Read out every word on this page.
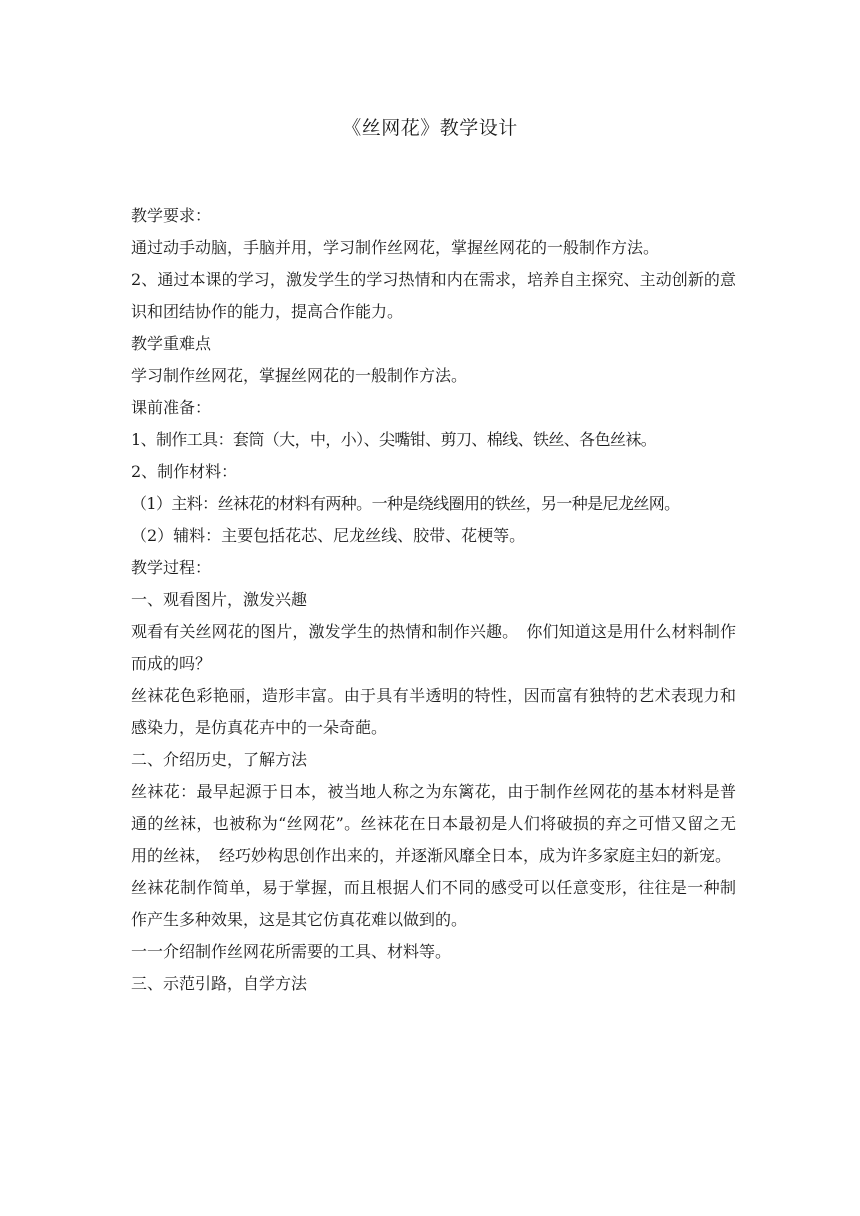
《丝网花》教学设计

教学要求：

通过动手动脑，手脑并用，学习制作丝网花，掌握丝网花的一般制作方法。

2、通过本课的学习，激发学生的学习热情和内在需求，培养自主探究、主动创新的意识和团结协作的能力，提高合作能力。

教学重难点

学习制作丝网花，掌握丝网花的一般制作方法。

课前准备：

1、制作工具：套筒（大，中，小）、尖嘴钳、剪刀、棉线、铁丝、各色丝袜。

2、制作材料：

（1）主料：丝袜花的材料有两种。一种是绕线圈用的铁丝，另一种是尼龙丝网。

（2）辅料：主要包括花芯、尼龙丝线、胶带、花梗等。

教学过程：

一、观看图片，激发兴趣

观看有关丝网花的图片，激发学生的热情和制作兴趣。　你们知道这是用什么材料制作而成的吗？

丝袜花色彩艳丽，造形丰富。由于具有半透明的特性，因而富有独特的艺术表现力和感染力，是仿真花卉中的一朵奇葩。

二、介绍历史，了解方法

丝袜花：最早起源于日本，被当地人称之为东篱花，由于制作丝网花的基本材料是普通的丝袜，也被称为“丝网花”。丝袜花在日本最初是人们将破损的弃之可惜又留之无用的丝袜，　经巧妙构思创作出来的，并逐渐风靡全日本，成为许多家庭主妇的新宠。

丝袜花制作简单，易于掌握，而且根据人们不同的感受可以任意变形，往往是一种制作产生多种效果，这是其它仿真花难以做到的。

一一介绍制作丝网花所需要的工具、材料等。

三、示范引路，自学方法
